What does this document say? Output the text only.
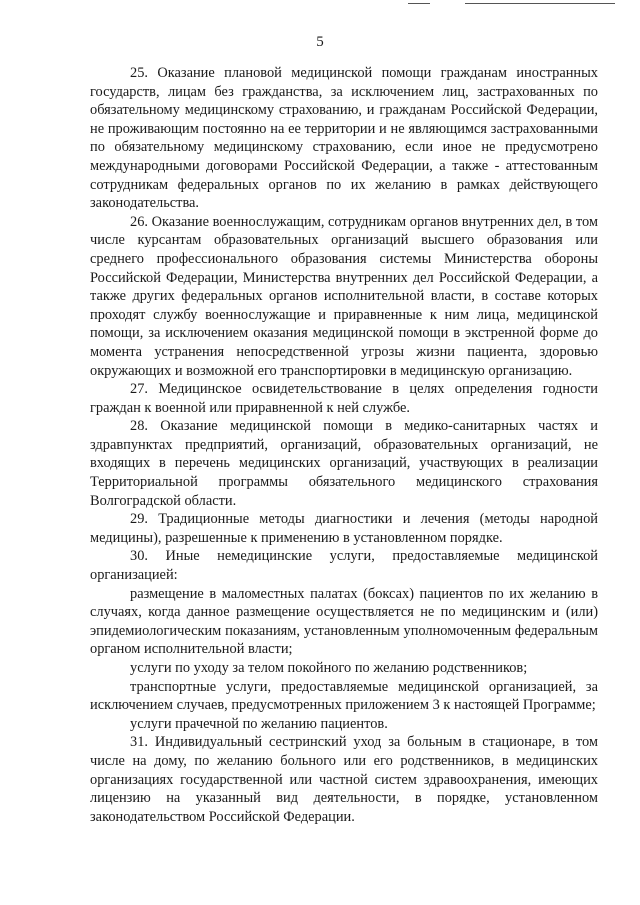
5

25. Оказание плановой медицинской помощи гражданам иностранных государств, лицам без гражданства, за исключением лиц, застрахованных по обязательному медицинскому страхованию, и гражданам Российской Федерации, не проживающим постоянно на ее территории и не являющимся застрахованными по обязательному медицинскому страхованию, если иное не предусмотрено международными договорами Российской Федерации, а также - аттестованным сотрудникам федеральных органов по их желанию в рамках действующего законодательства.

26. Оказание военнослужащим, сотрудникам органов внутренних дел, в том числе курсантам образовательных организаций высшего образования или среднего профессионального образования системы Министерства обороны Российской Федерации, Министерства внутренних дел Российской Федерации, а также других федеральных органов исполнительной власти, в составе которых проходят службу военнослужащие и приравненные к ним лица, медицинской помощи, за исключением оказания медицинской помощи в экстренной форме до момента устранения непосредственной угрозы жизни пациента, здоровью окружающих и возможной его транспортировки в медицинскую организацию.

27. Медицинское освидетельствование в целях определения годности граждан к военной или приравненной к ней службе.

28. Оказание медицинской помощи в медико-санитарных частях и здравпунктах предприятий, организаций, образовательных организаций, не входящих в перечень медицинских организаций, участвующих в реализации Территориальной программы обязательного медицинского страхования Волгоградской области.

29. Традиционные методы диагностики и лечения (методы народной медицины), разрешенные к применению в установленном порядке.

30. Иные немедицинские услуги, предоставляемые медицинской организацией:

размещение в маломестных палатах (боксах) пациентов по их желанию в случаях, когда данное размещение осуществляется не по медицинским и (или) эпидемиологическим показаниям, установленным уполномоченным федеральным органом исполнительной власти;

услуги по уходу за телом покойного по желанию родственников;

транспортные услуги, предоставляемые медицинской организацией, за исключением случаев, предусмотренных приложением 3 к настоящей Программе;

услуги прачечной по желанию пациентов.

31. Индивидуальный сестринский уход за больным в стационаре, в том числе на дому, по желанию больного или его родственников, в медицинских организациях государственной или частной систем здравоохранения, имеющих лицензию на указанный вид деятельности, в порядке, установленном законодательством Российской Федерации.
